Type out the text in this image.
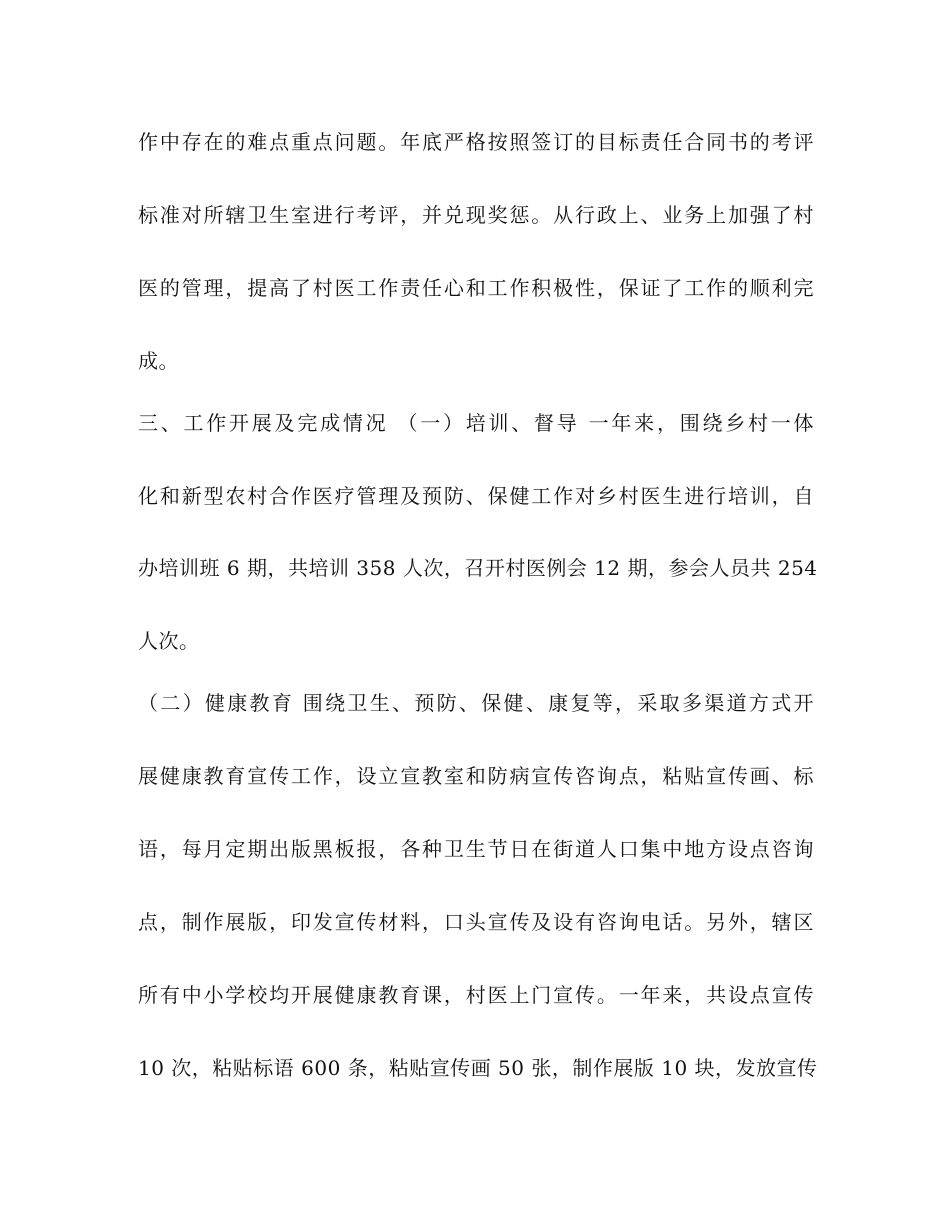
作中存在的难点重点问题。年底严格按照签订的目标责任合同书的考评
标准对所辖卫生室进行考评，并兑现奖惩。从行政上、业务上加强了村
医的管理，提高了村医工作责任心和工作积极性，保证了工作的顺利完
成。
三、工作开展及完成情况 （一）培训、督导 一年来，围绕乡村一体
化和新型农村合作医疗管理及预防、保健工作对乡村医生进行培训，自
办培训班 6 期，共培训 358 人次，召开村医例会 12 期，参会人员共 254
人次。
（二）健康教育 围绕卫生、预防、保健、康复等，采取多渠道方式开
展健康教育宣传工作，设立宣教室和防病宣传咨询点，粘贴宣传画、标
语，每月定期出版黑板报，各种卫生节日在街道人口集中地方设点咨询
点，制作展版，印发宣传材料，口头宣传及设有咨询电话。另外，辖区
所有中小学校均开展健康教育课，村医上门宣传。一年来，共设点宣传
10 次，粘贴标语 600 条，粘贴宣传画 50 张，制作展版 10 块，发放宣传
